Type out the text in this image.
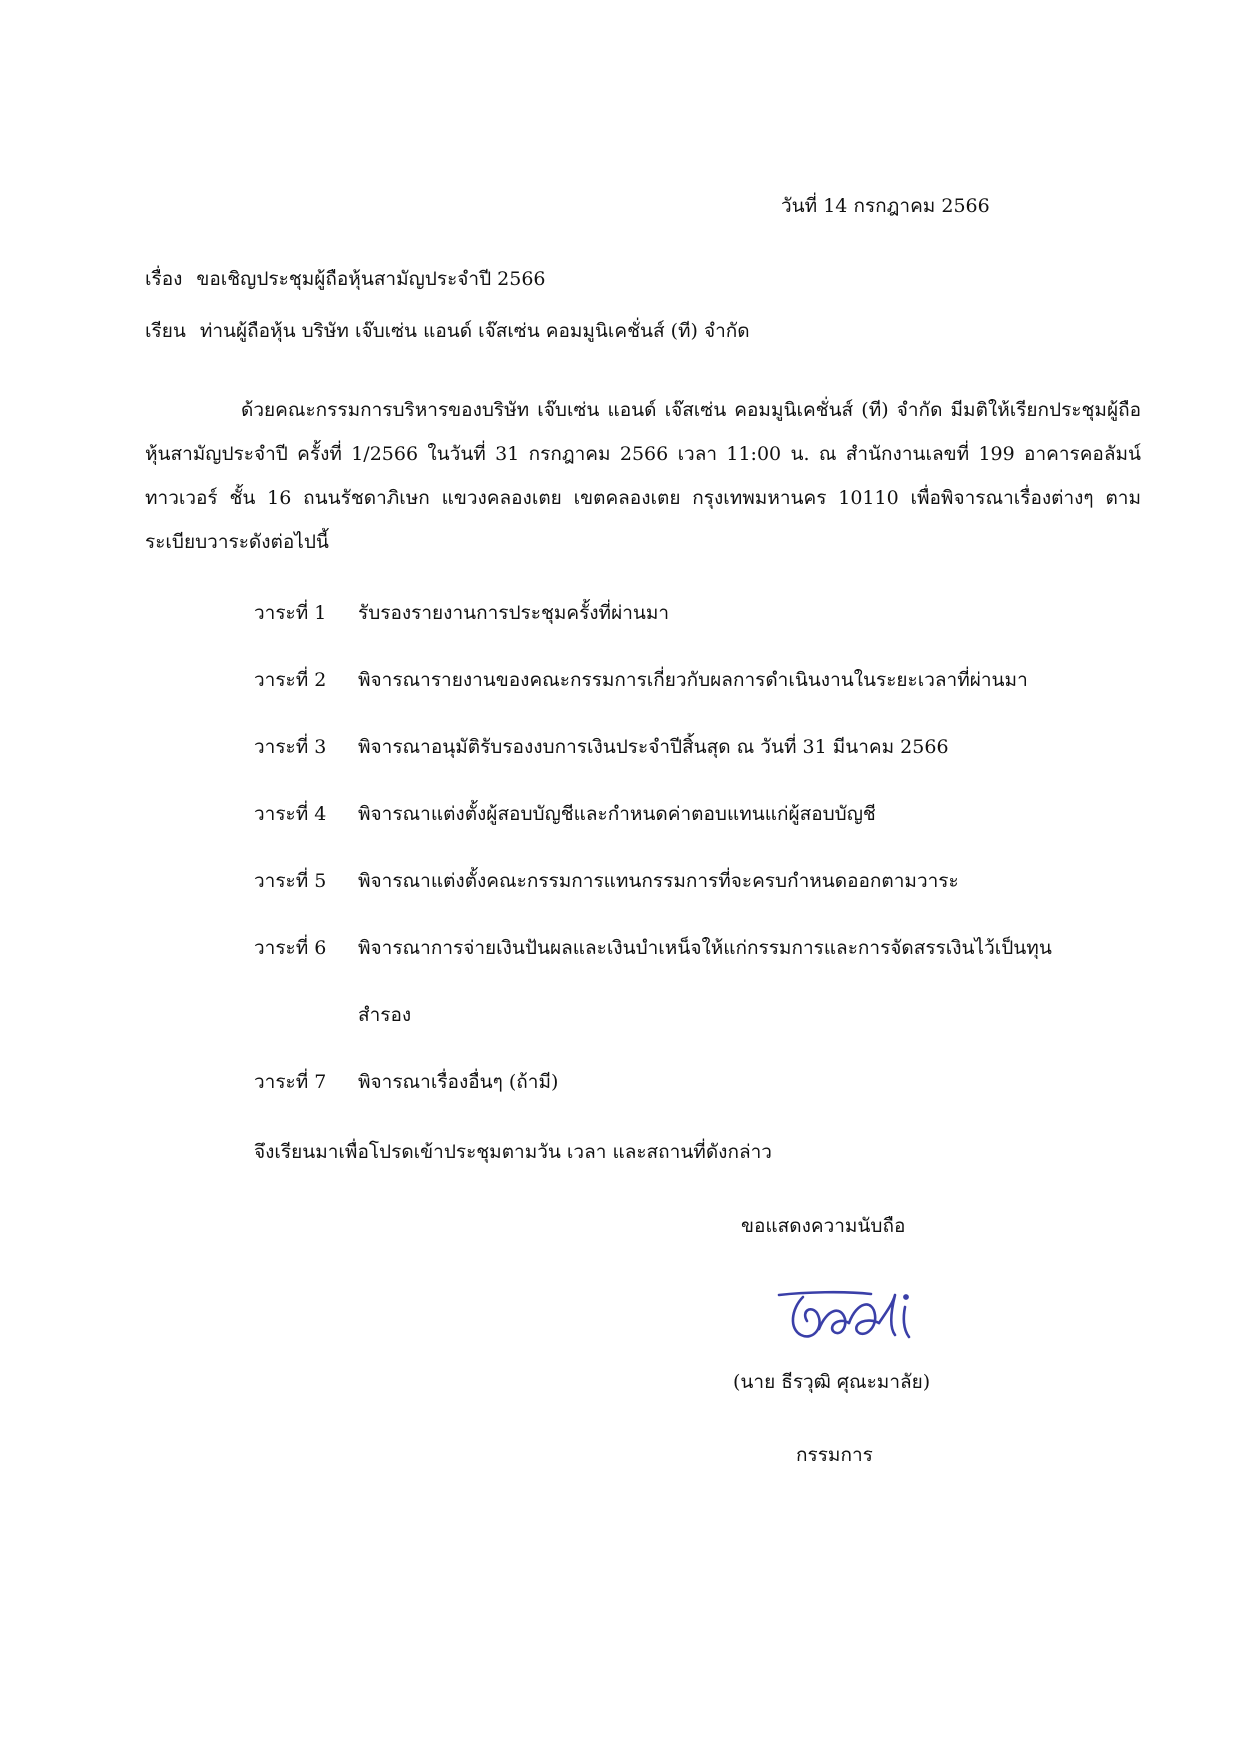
วันที่ 14 กรกฎาคม 2566
เรื่อง ขอเชิญประชุมผู้ถือหุ้นสามัญประจำปี 2566
เรียน ท่านผู้ถือหุ้น บริษัท เจ๊บเซ่น แอนด์ เจ๊สเซ่น คอมมูนิเคชั่นส์ (ที) จำกัด
ด้วยคณะกรรมการบริหารของบริษัท เจ๊บเซ่น แอนด์ เจ๊สเซ่น คอมมูนิเคชั่นส์ (ที) จำกัด มีมติให้เรียกประชุมผู้ถือหุ้นสามัญประจำปี ครั้งที่ 1/2566 ในวันที่ 31 กรกฎาคม 2566 เวลา 11:00 น. ณ สำนักงานเลขที่ 199 อาคารคอลัมน์ทาวเวอร์ ชั้น 16 ถนนรัชดาภิเษก แขวงคลองเตย เขตคลองเตย กรุงเทพมหานคร 10110 เพื่อพิจารณาเรื่องต่างๆ ตามระเบียบวาระดังต่อไปนี้
วาระที่ 1	รับรองรายงานการประชุมครั้งที่ผ่านมา
วาระที่ 2	พิจารณารายงานของคณะกรรมการเกี่ยวกับผลการดำเนินงานในระยะเวลาที่ผ่านมา
วาระที่ 3	พิจารณาอนุมัติรับรองงบการเงินประจำปีสิ้นสุด ณ วันที่ 31 มีนาคม 2566
วาระที่ 4	พิจารณาแต่งตั้งผู้สอบบัญชีและกำหนดค่าตอบแทนแก่ผู้สอบบัญชี
วาระที่ 5	พิจารณาแต่งตั้งคณะกรรมการแทนกรรมการที่จะครบกำหนดออกตามวาระ
วาระที่ 6	พิจารณาการจ่ายเงินปันผลและเงินบำเหน็จให้แก่กรรมการและการจัดสรรเงินไว้เป็นทุน
สำรอง
วาระที่ 7	พิจารณาเรื่องอื่นๆ (ถ้ามี)
จึงเรียนมาเพื่อโปรดเข้าประชุมตามวัน เวลา และสถานที่ดังกล่าว
ขอแสดงความนับถือ
(นาย ธีรวุฒิ ศุณะมาลัย)
กรรมการ
